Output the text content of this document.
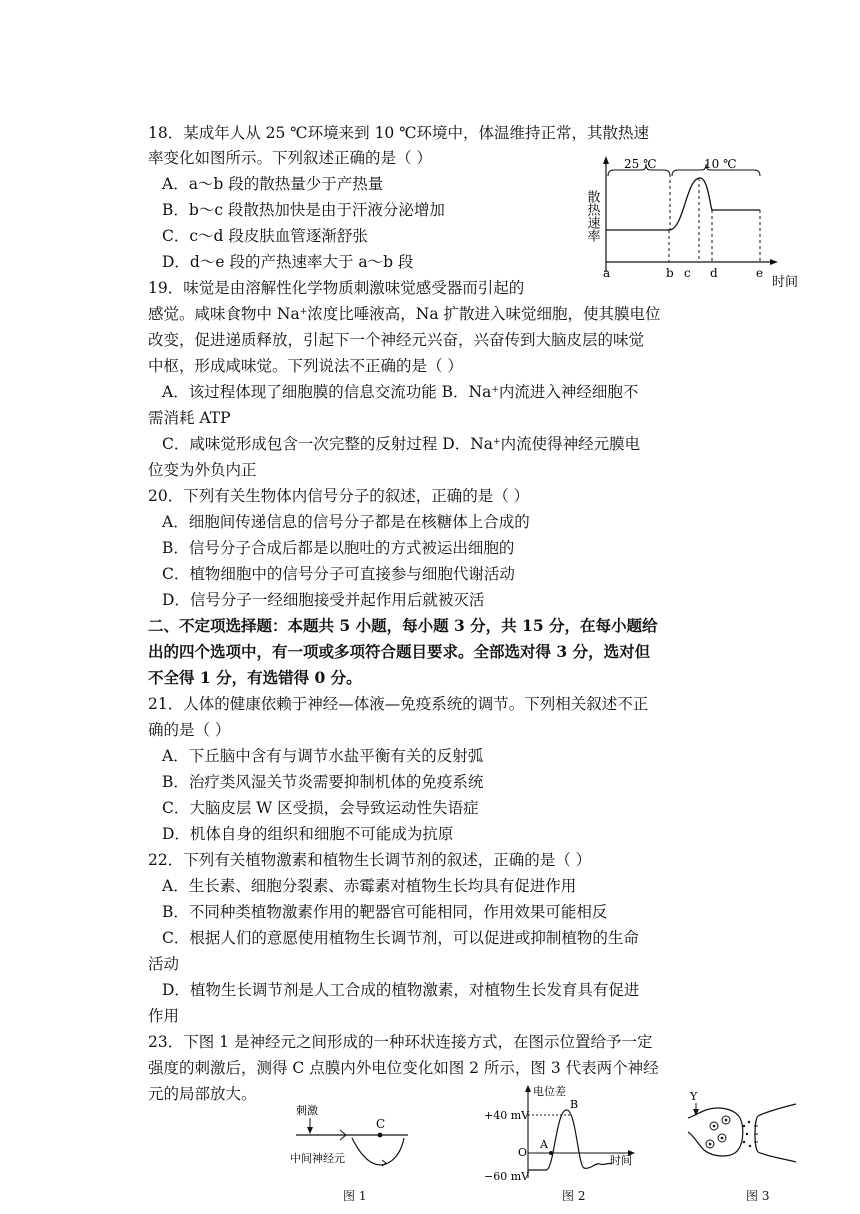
18．某成年人从 25 ℃环境来到 10 ℃环境中，体温维持正常，其散热速
率变化如图所示。下列叙述正确的是（ ）
A．a～b 段的散热量少于产热量
B．b～c 段散热加快是由于汗液分泌增加
C．c～d 段皮肤血管逐渐舒张
D．d～e 段的产热速率大于 a～b 段
散热速率
25 ℃	10 ℃
a	b c d	e
时间
19．味觉是由溶解性化学物质刺激味觉感受器而引起的
感觉。咸味食物中 Na+浓度比唾液高，Na 扩散进入味觉细胞，使其膜电位
改变，促进递质释放，引起下一个神经元兴奋，兴奋传到大脑皮层的味觉
中枢，形成咸味觉。下列说法不正确的是（ ）
A．该过程体现了细胞膜的信息交流功能 B．Na+内流进入神经细胞不
需消耗 ATP
C．咸味觉形成包含一次完整的反射过程 D．Na+内流使得神经元膜电
位变为外负内正
20．下列有关生物体内信号分子的叙述，正确的是（ ）
A．细胞间传递信息的信号分子都是在核糖体上合成的
B．信号分子合成后都是以胞吐的方式被运出细胞的
C．植物细胞中的信号分子可直接参与细胞代谢活动
D．信号分子一经细胞接受并起作用后就被灭活
二、不定项选择题：本题共 5 小题，每小题 3 分，共 15 分，在每小题给
出的四个选项中，有一项或多项符合题目要求。全部选对得 3 分，选对但
不全得 1 分，有选错得 0 分。
21．人体的健康依赖于神经—体液—免疫系统的调节。下列相关叙述不正
确的是（ ）
A．下丘脑中含有与调节水盐平衡有关的反射弧
B．治疗类风湿关节炎需要抑制机体的免疫系统
C．大脑皮层 W 区受损，会导致运动性失语症
D．机体自身的组织和细胞不可能成为抗原
22．下列有关植物激素和植物生长调节剂的叙述，正确的是（ ）
A．生长素、细胞分裂素、赤霉素对植物生长均具有促进作用
B．不同种类植物激素作用的靶器官可能相同，作用效果可能相反
C．根据人们的意愿使用植物生长调节剂，可以促进或抑制植物的生命
活动
D．植物生长调节剂是人工合成的植物激素，对植物生长发育具有促进
作用
23．下图 1 是神经元之间形成的一种环状连接方式，在图示位置给予一定
强度的刺激后，测得 C 点膜内外电位变化如图 2 所示，图 3 代表两个神经
元的局部放大。
刺激
C
中间神经元
图 1
电位差
时间
+40 mV
−60 mV
O
A
B
图 2
Y
图 3
